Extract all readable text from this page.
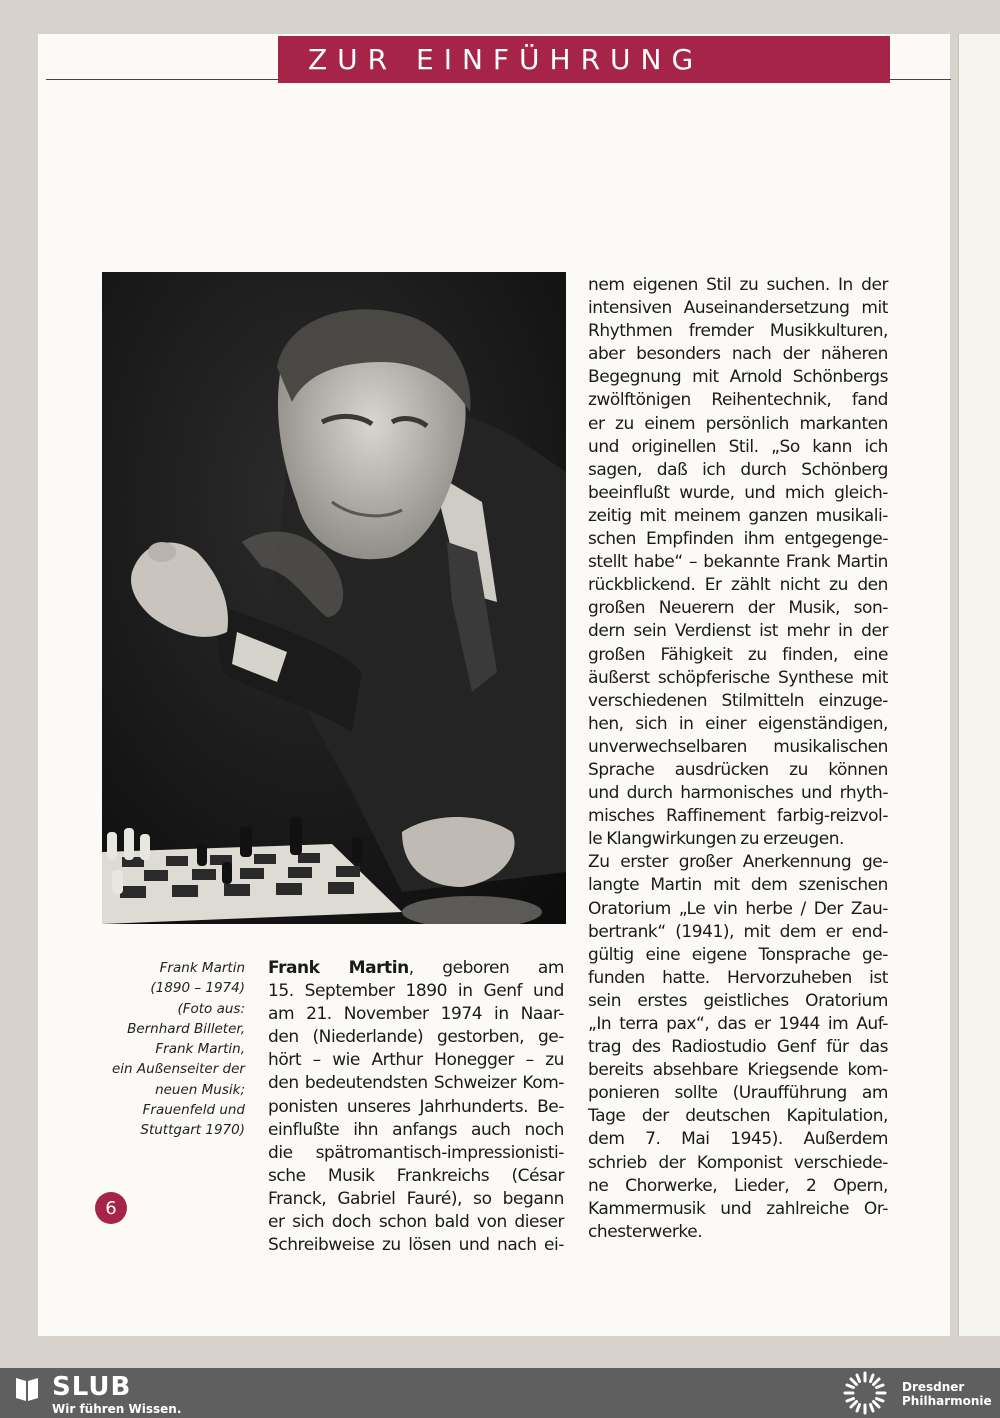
ZUR EINFÜHRUNG
Frank Martin
(1890 – 1974)
(Foto aus:
Bernhard Billeter,
Frank Martin,
ein Außenseiter der
neuen Musik;
Frauenfeld und
Stuttgart 1970)
Frank Martin, geboren am
15. September 1890 in Genf und
am 21. November 1974 in Naar-
den (Niederlande) gestorben, ge-
hört – wie Arthur Honegger – zu
den bedeutendsten Schweizer Kom-
ponisten unseres Jahrhunderts. Be-
einflußte ihn anfangs auch noch
die spätromantisch-impressionisti-
sche Musik Frankreichs (César
Franck, Gabriel Fauré), so begann
er sich doch schon bald von dieser
Schreibweise zu lösen und nach ei-
nem eigenen Stil zu suchen. In der
intensiven Auseinandersetzung mit
Rhythmen fremder Musikkulturen,
aber besonders nach der näheren
Begegnung mit Arnold Schönbergs
zwölftönigen Reihentechnik, fand
er zu einem persönlich markanten
und originellen Stil. „So kann ich
sagen, daß ich durch Schönberg
beeinflußt wurde, und mich gleich-
zeitig mit meinem ganzen musikali-
schen Empfinden ihm entgegenge-
stellt habe“ – bekannte Frank Martin
rückblickend. Er zählt nicht zu den
großen Neuerern der Musik, son-
dern sein Verdienst ist mehr in der
großen Fähigkeit zu finden, eine
äußerst schöpferische Synthese mit
verschiedenen Stilmitteln einzuge-
hen, sich in einer eigenständigen,
unverwechselbaren musikalischen
Sprache ausdrücken zu können
und durch harmonisches und rhyth-
misches Raffinement farbig-reizvol-
le Klangwirkungen zu erzeugen.
Zu erster großer Anerkennung ge-
langte Martin mit dem szenischen
Oratorium „Le vin herbe / Der Zau-
bertrank“ (1941), mit dem er end-
gültig eine eigene Tonsprache ge-
funden hatte. Hervorzuheben ist
sein erstes geistliches Oratorium
„In terra pax“, das er 1944 im Auf-
trag des Radiostudio Genf für das
bereits absehbare Kriegsende kom-
ponieren sollte (Uraufführung am
Tage der deutschen Kapitulation,
dem 7. Mai 1945). Außerdem
schrieb der Komponist verschiede-
ne Chorwerke, Lieder, 2 Opern,
Kammermusik und zahlreiche Or-
chesterwerke.
6
SLUB
Wir führen Wissen.
Dresdner
Philharmonie
